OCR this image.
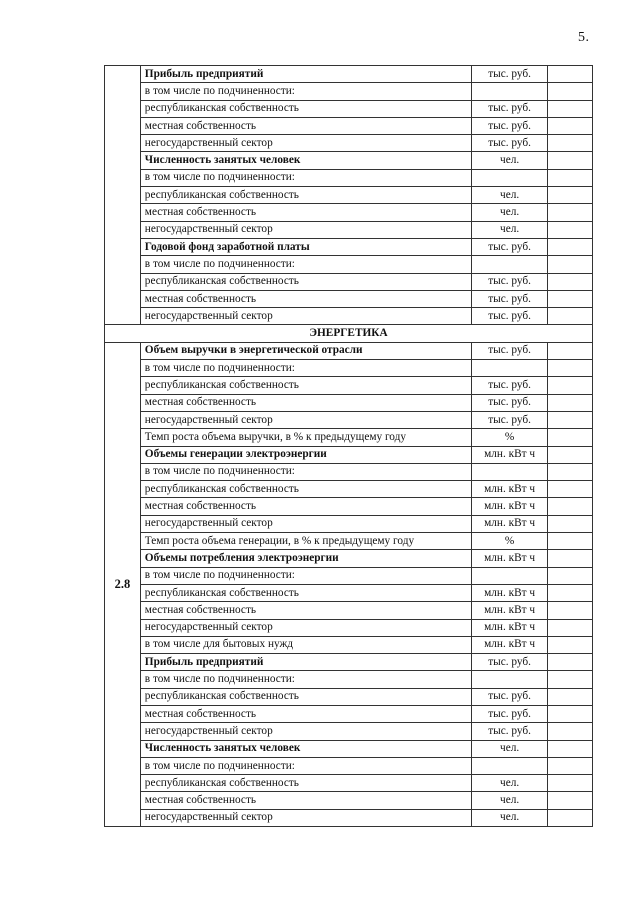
5.
	Прибыль предприятий	тыс. руб.	
	в том числе по подчиненности:		
	республиканская собственность	тыс. руб.	
	местная собственность	тыс. руб.	
	негосударственный сектор	тыс. руб.	
	Численность занятых человек	чел.	
	в том числе по подчиненности:		
	республиканская собственность	чел.	
	местная собственность	чел.	
	негосударственный сектор	чел.	
	Годовой фонд заработной платы	тыс. руб.	
	в том числе по подчиненности:		
	республиканская собственность	тыс. руб.	
	местная собственность	тыс. руб.	
	негосударственный сектор	тыс. руб.	
ЭНЕРГЕТИКА			
2.8	Объем выручки в энергетической отрасли	тыс. руб.	
	в том числе по подчиненности:		
	республиканская собственность	тыс. руб.	
	местная собственность	тыс. руб.	
	негосударственный сектор	тыс. руб.	
	Темп роста объема выручки, в % к предыдущему году	%	
	Объемы генерации электроэнергии	млн. кВт ч	
	в том числе по подчиненности:		
	республиканская собственность	млн. кВт ч	
	местная собственность	млн. кВт ч	
	негосударственный сектор	млн. кВт ч	
	Темп роста объема генерации, в % к предыдущему году	%	
	Объемы потребления электроэнергии	млн. кВт ч	
	в том числе по подчиненности:		
	республиканская собственность	млн. кВт ч	
	местная собственность	млн. кВт ч	
	негосударственный сектор	млн. кВт ч	
	в том числе для бытовых нужд	млн. кВт ч	
	Прибыль предприятий	тыс. руб.	
	в том числе по подчиненности:		
	республиканская собственность	тыс. руб.	
	местная собственность	тыс. руб.	
	негосударственный сектор	тыс. руб.	
	Численность занятых человек	чел.	
	в том числе по подчиненности:		
	республиканская собственность	чел.	
	местная собственность	чел.	
	негосударственный сектор	чел.	
